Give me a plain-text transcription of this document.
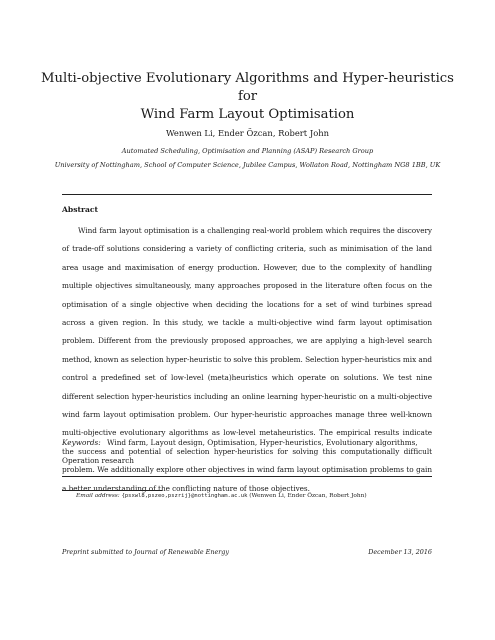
Multi-objective Evolutionary Algorithms and Hyper-heuristics for
Wind Farm Layout Optimisation
Wenwen Li, Ender Özcan, Robert John
Automated Scheduling, Optimisation and Planning (ASAP) Research Group
University of Nottingham, School of Computer Science, Jubilee Campus, Wollaton Road, Nottingham NG8 1BB, UK
Abstract

Wind farm layout optimisation is a challenging real-world problem which requires the discovery of trade-off solutions considering a variety of conflicting criteria, such as minimisation of the land area usage and maximisation of energy production. However, due to the complexity of handling multiple objectives simultaneously, many approaches proposed in the literature often focus on the optimisation of a single objective when deciding the locations for a set of wind turbines spread across a given region. In this study, we tackle a multi-objective wind farm layout optimisation problem. Different from the previously proposed approaches, we are applying a high-level search method, known as selection hyper-heuristic to solve this problem. Selection hyper-heuristics mix and control a predefined set of low-level (meta)heuristics which operate on solutions. We test nine different selection hyper-heuristics including an online learning hyper-heuristic on a multi-objective wind farm layout optimisation problem. Our hyper-heuristic approaches manage three well-known multi-objective evolutionary algorithms as low-level metaheuristics. The empirical results indicate the success and potential of selection hyper-heuristics for solving this computationally difficult problem. We additionally explore other objectives in wind farm layout optimisation problems to gain a better understanding of the conflicting nature of those objectives.

Keywords: Wind farm, Layout design, Optimisation, Hyper-heuristics, Evolutionary algorithms, Operation research

Email address: {psxwl8,pszeo,pszrij}@nottingham.ac.uk (Wenwen Li, Ender Özcan, Robert John)
Preprint submitted to Journal of Renewable Energy	December 13, 2016
